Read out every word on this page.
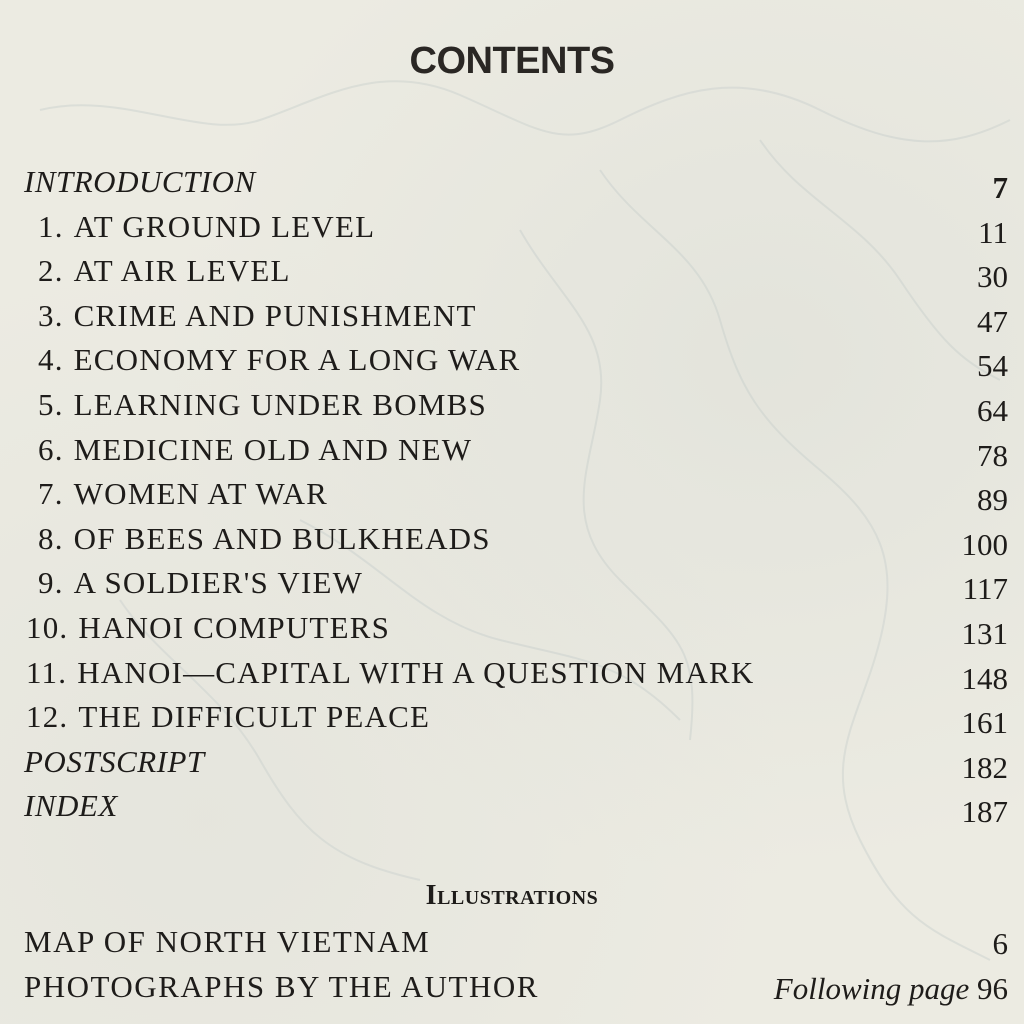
CONTENTS
INTRODUCTION	7
1. AT GROUND LEVEL	11
2. AT AIR LEVEL	30
3. CRIME AND PUNISHMENT	47
4. ECONOMY FOR A LONG WAR	54
5. LEARNING UNDER BOMBS	64
6. MEDICINE OLD AND NEW	78
7. WOMEN AT WAR	89
8. OF BEES AND BULKHEADS	100
9. A SOLDIER'S VIEW	117
10. HANOI COMPUTERS	131
11. HANOI—CAPITAL WITH A QUESTION MARK	148
12. THE DIFFICULT PEACE	161
POSTSCRIPT	182
INDEX	187
Illustrations
MAP OF NORTH VIETNAM	6
PHOTOGRAPHS BY THE AUTHOR	Following page 96
